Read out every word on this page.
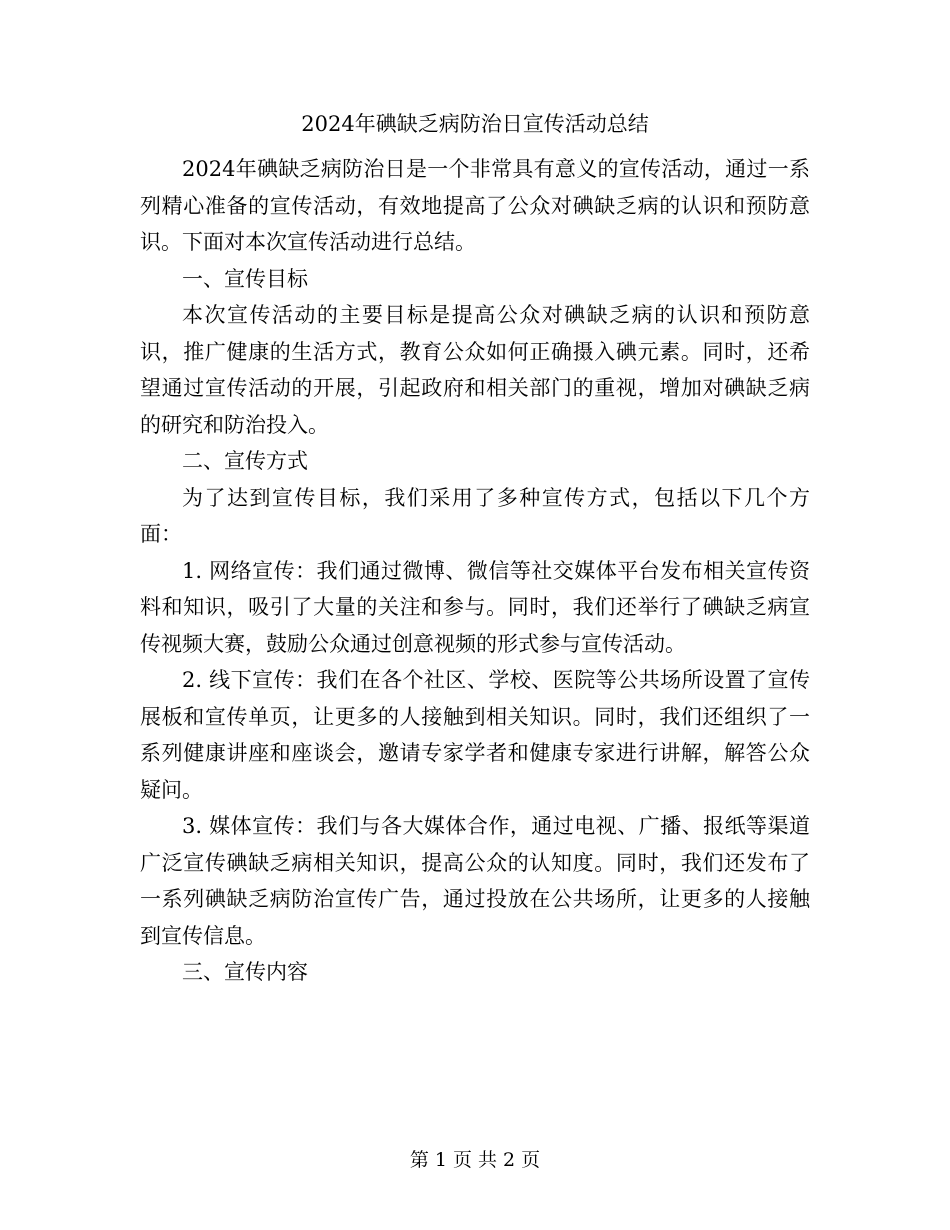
2024年碘缺乏病防治日宣传活动总结

2024年碘缺乏病防治日是一个非常具有意义的宣传活动，通过一系列精心准备的宣传活动，有效地提高了公众对碘缺乏病的认识和预防意识。下面对本次宣传活动进行总结。

一、宣传目标

本次宣传活动的主要目标是提高公众对碘缺乏病的认识和预防意识，推广健康的生活方式，教育公众如何正确摄入碘元素。同时，还希望通过宣传活动的开展，引起政府和相关部门的重视，增加对碘缺乏病的研究和防治投入。

二、宣传方式

为了达到宣传目标，我们采用了多种宣传方式，包括以下几个方面：

1. 网络宣传：我们通过微博、微信等社交媒体平台发布相关宣传资料和知识，吸引了大量的关注和参与。同时，我们还举行了碘缺乏病宣传视频大赛，鼓励公众通过创意视频的形式参与宣传活动。

2. 线下宣传：我们在各个社区、学校、医院等公共场所设置了宣传展板和宣传单页，让更多的人接触到相关知识。同时，我们还组织了一系列健康讲座和座谈会，邀请专家学者和健康专家进行讲解，解答公众疑问。

3. 媒体宣传：我们与各大媒体合作，通过电视、广播、报纸等渠道广泛宣传碘缺乏病相关知识，提高公众的认知度。同时，我们还发布了一系列碘缺乏病防治宣传广告，通过投放在公共场所，让更多的人接触到宣传信息。

三、宣传内容

第 1 页 共 2 页
